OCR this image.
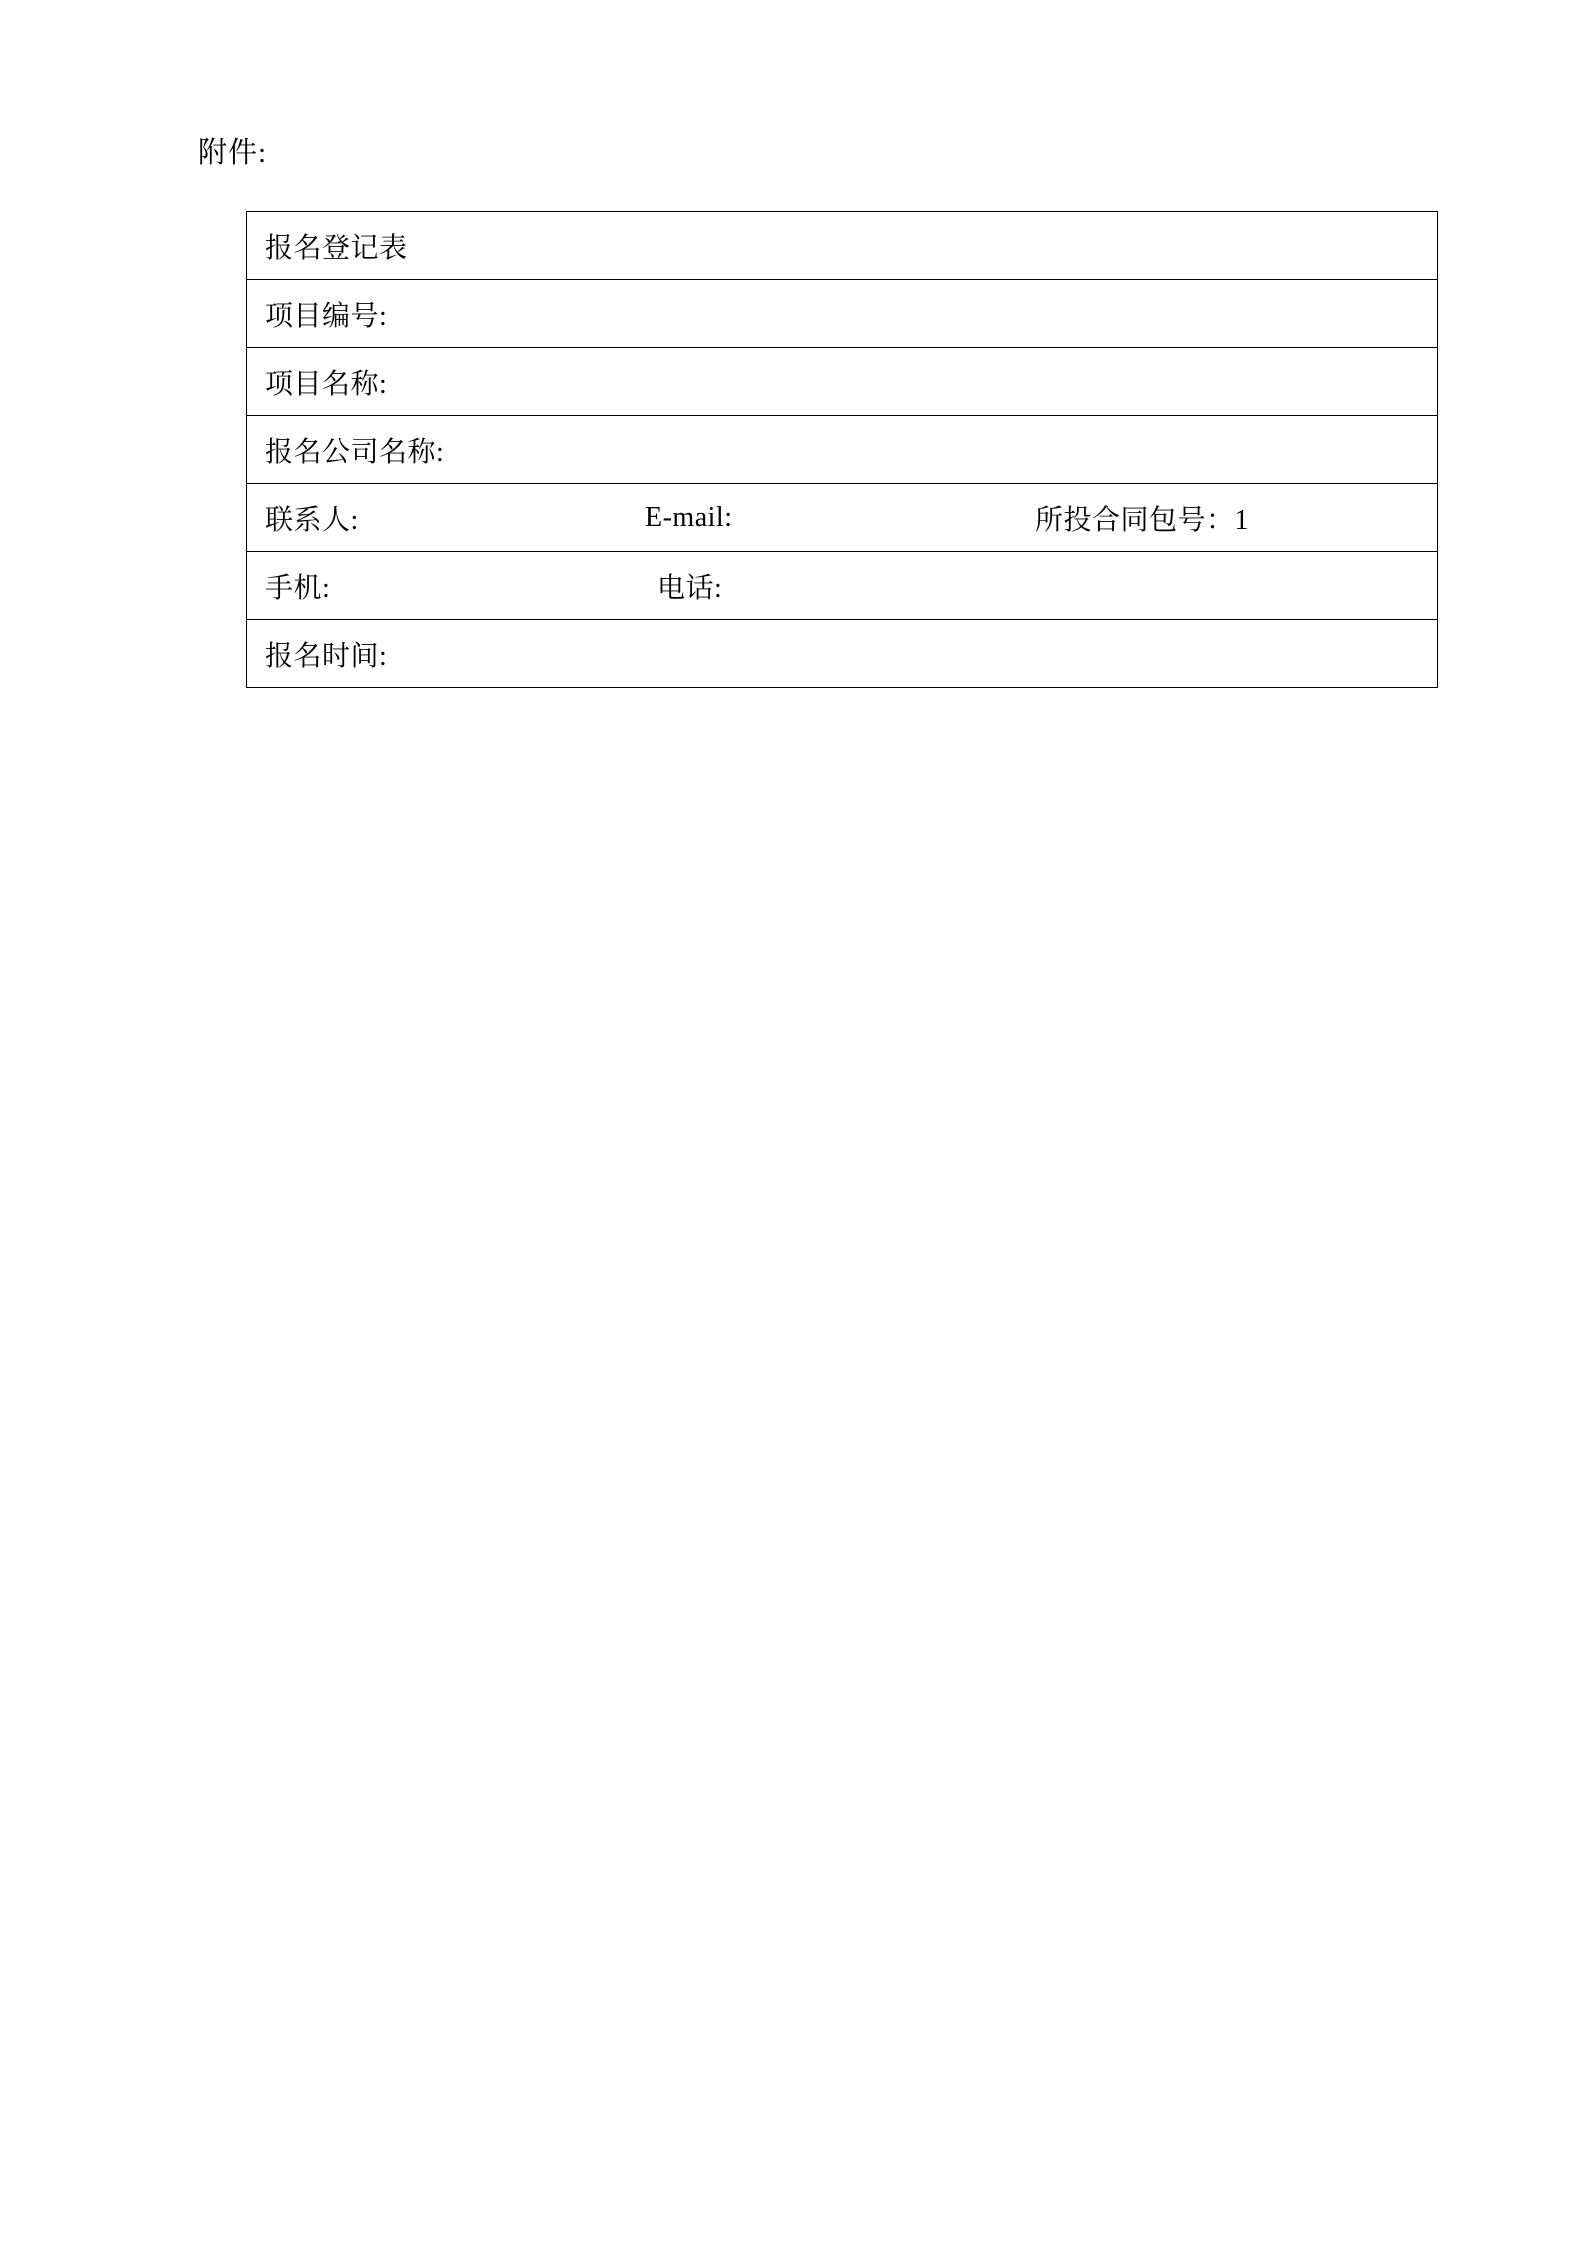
附件:
报名登记表
项目编号:
项目名称:
报名公司名称:

联系人:	E-mail:	所投合同包号：1

手机:	电话:

报名时间:
